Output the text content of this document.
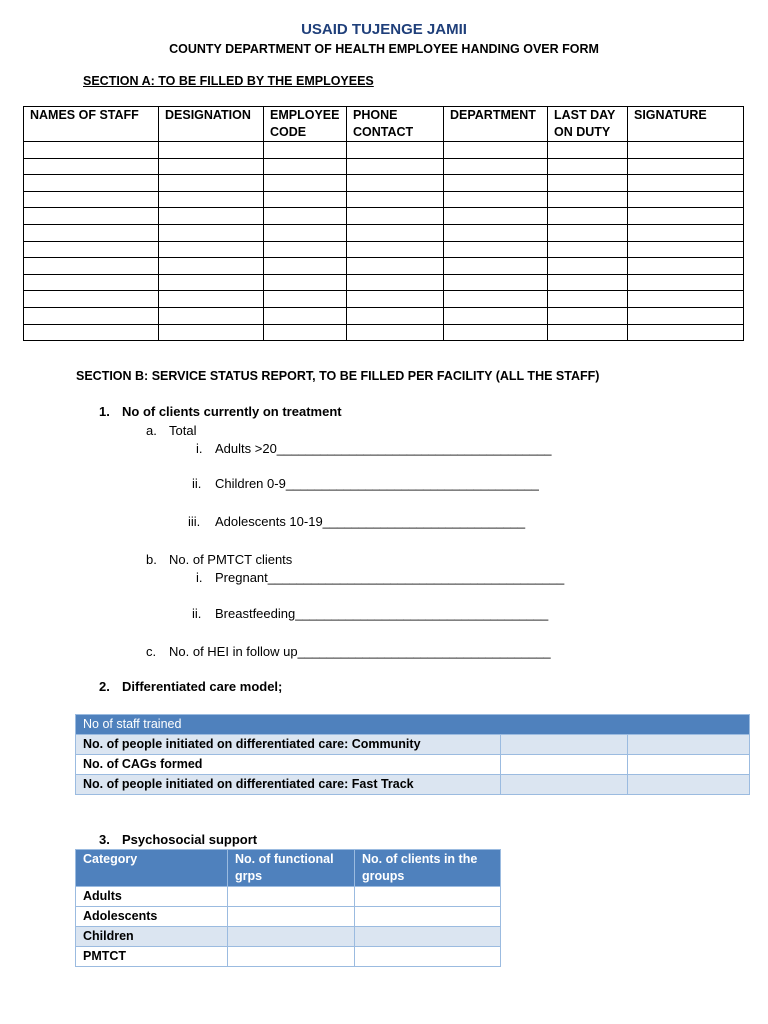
USAID TUJENGE JAMII
COUNTY DEPARTMENT OF HEALTH EMPLOYEE HANDING OVER FORM
SECTION A: TO BE FILLED BY THE EMPLOYEES
NAMES OF STAFF	DESIGNATION	EMPLOYEE CODE	PHONE CONTACT	DEPARTMENT	LAST DAY ON DUTY	SIGNATURE

SECTION B: SERVICE STATUS REPORT, TO BE FILLED PER FACILITY (ALL THE STAFF)
1. No of clients currently on treatment
a. Total
i. Adults >20______________________________________
ii. Children 0-9___________________________________
iii. Adolescents 10-19____________________________
b. No. of PMTCT clients
i. Pregnant_________________________________________
ii. Breastfeeding___________________________________
c. No. of HEI in follow up___________________________________
2. Differentiated care model;
No of staff trained		
No. of people initiated on differentiated care: Community		
No. of CAGs formed		
No. of people initiated on differentiated care: Fast Track		
3. Psychosocial support
Category	No. of functional grps	No. of clients in the groups
Adults		
Adolescents		
Children		
PMTCT		
